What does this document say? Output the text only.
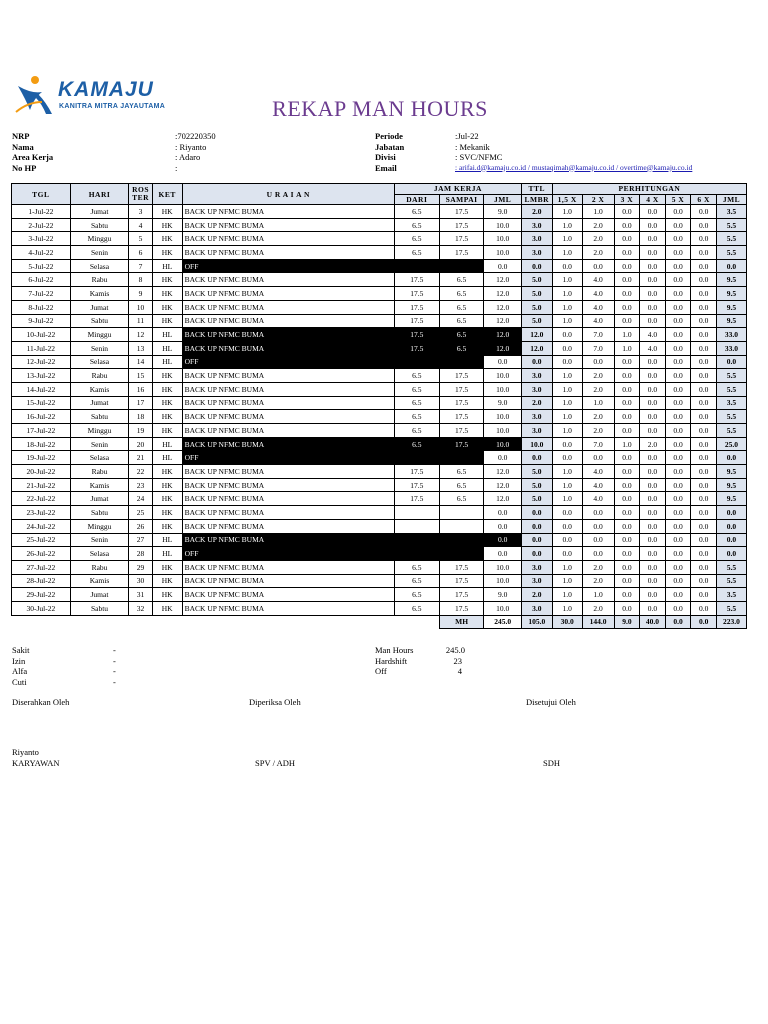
KAMAJU
KANITRA MITRA JAYAUTAMA	REKAP MAN HOURS
NRP	:702220350
Nama	: Riyanto
Area Kerja	: Adaro
No HP	:
Periode	:Jul-22
Jabatan	: Mekanik
Divisi	: SVC/NFMC
Email	: arifai.d@kamaju.co.id / mustaqimah@kamaju.co.id / overtime@kamaju.co.id
TGL	HARI	ROS TER	KET	U R A I A N	JAM KERJA			TTL	PERHITUNGAN						
					DARI	SAMPAI	JML	LMBR	1,5 X	2 X	3 X	4 X	5 X	6 X	JML
1-Jul-22	Jumat	3	HK	BACK UP NFMC BUMA	6.5	17.5	9.0	2.0	1.0	1.0	0.0	0.0	0.0	0.0	3.5
2-Jul-22	Sabtu	4	HK	BACK UP NFMC BUMA	6.5	17.5	10.0	3.0	1.0	2.0	0.0	0.0	0.0	0.0	5.5
3-Jul-22	Minggu	5	HK	BACK UP NFMC BUMA	6.5	17.5	10.0	3.0	1.0	2.0	0.0	0.0	0.0	0.0	5.5
4-Jul-22	Senin	6	HK	BACK UP NFMC BUMA	6.5	17.5	10.0	3.0	1.0	2.0	0.0	0.0	0.0	0.0	5.5
5-Jul-22	Selasa	7	HL	OFF			0.0	0.0	0.0	0.0	0.0	0.0	0.0	0.0	0.0
6-Jul-22	Rabu	8	HK	BACK UP NFMC BUMA	17.5	6.5	12.0	5.0	1.0	4.0	0.0	0.0	0.0	0.0	9.5
7-Jul-22	Kamis	9	HK	BACK UP NFMC BUMA	17.5	6.5	12.0	5.0	1.0	4.0	0.0	0.0	0.0	0.0	9.5
8-Jul-22	Jumat	10	HK	BACK UP NFMC BUMA	17.5	6.5	12.0	5.0	1.0	4.0	0.0	0.0	0.0	0.0	9.5
9-Jul-22	Sabtu	11	HK	BACK UP NFMC BUMA	17.5	6.5	12.0	5.0	1.0	4.0	0.0	0.0	0.0	0.0	9.5
10-Jul-22	Minggu	12	HL	BACK UP NFMC BUMA	17.5	6.5	12.0	12.0	0.0	7.0	1.0	4.0	0.0	0.0	33.0
11-Jul-22	Senin	13	HL	BACK UP NFMC BUMA	17.5	6.5	12.0	12.0	0.0	7.0	1.0	4.0	0.0	0.0	33.0
12-Jul-22	Selasa	14	HL	OFF			0.0	0.0	0.0	0.0	0.0	0.0	0.0	0.0	0.0
13-Jul-22	Rabu	15	HK	BACK UP NFMC BUMA	6.5	17.5	10.0	3.0	1.0	2.0	0.0	0.0	0.0	0.0	5.5
14-Jul-22	Kamis	16	HK	BACK UP NFMC BUMA	6.5	17.5	10.0	3.0	1.0	2.0	0.0	0.0	0.0	0.0	5.5
15-Jul-22	Jumat	17	HK	BACK UP NFMC BUMA	6.5	17.5	9.0	2.0	1.0	1.0	0.0	0.0	0.0	0.0	3.5
16-Jul-22	Sabtu	18	HK	BACK UP NFMC BUMA	6.5	17.5	10.0	3.0	1.0	2.0	0.0	0.0	0.0	0.0	5.5
17-Jul-22	Minggu	19	HK	BACK UP NFMC BUMA	6.5	17.5	10.0	3.0	1.0	2.0	0.0	0.0	0.0	0.0	5.5
18-Jul-22	Senin	20	HL	BACK UP NFMC BUMA	6.5	17.5	10.0	10.0	0.0	7.0	1.0	2.0	0.0	0.0	25.0
19-Jul-22	Selasa	21	HL	OFF			0.0	0.0	0.0	0.0	0.0	0.0	0.0	0.0	0.0
20-Jul-22	Rabu	22	HK	BACK UP NFMC BUMA	17.5	6.5	12.0	5.0	1.0	4.0	0.0	0.0	0.0	0.0	9.5
21-Jul-22	Kamis	23	HK	BACK UP NFMC BUMA	17.5	6.5	12.0	5.0	1.0	4.0	0.0	0.0	0.0	0.0	9.5
22-Jul-22	Jumat	24	HK	BACK UP NFMC BUMA	17.5	6.5	12.0	5.0	1.0	4.0	0.0	0.0	0.0	0.0	9.5
23-Jul-22	Sabtu	25	HK	BACK UP NFMC BUMA			0.0	0.0	0.0	0.0	0.0	0.0	0.0	0.0	0.0
24-Jul-22	Minggu	26	HK	BACK UP NFMC BUMA			0.0	0.0	0.0	0.0	0.0	0.0	0.0	0.0	0.0
25-Jul-22	Senin	27	HL	BACK UP NFMC BUMA			0.0	0.0	0.0	0.0	0.0	0.0	0.0	0.0	0.0
26-Jul-22	Selasa	28	HL	OFF			0.0	0.0	0.0	0.0	0.0	0.0	0.0	0.0	0.0
27-Jul-22	Rabu	29	HK	BACK UP NFMC BUMA	6.5	17.5	10.0	3.0	1.0	2.0	0.0	0.0	0.0	0.0	5.5
28-Jul-22	Kamis	30	HK	BACK UP NFMC BUMA	6.5	17.5	10.0	3.0	1.0	2.0	0.0	0.0	0.0	0.0	5.5
29-Jul-22	Jumat	31	HK	BACK UP NFMC BUMA	6.5	17.5	9.0	2.0	1.0	1.0	0.0	0.0	0.0	0.0	3.5
30-Jul-22	Sabtu	32	HK	BACK UP NFMC BUMA	6.5	17.5	10.0	3.0	1.0	2.0	0.0	0.0	0.0	0.0	5.5
						MH	245.0	105.0	30.0	144.0	9.0	40.0	0.0	0.0	223.0
Sakit	-
Izin	-
Alfa	-
Cuti	-
Man Hours	245.0
Hardshift	23
Off	4
Diserahkan Oleh	Diperiksa Oleh	Disetujui Oleh
Riyanto
KARYAWAN	SPV / ADH	SDH
